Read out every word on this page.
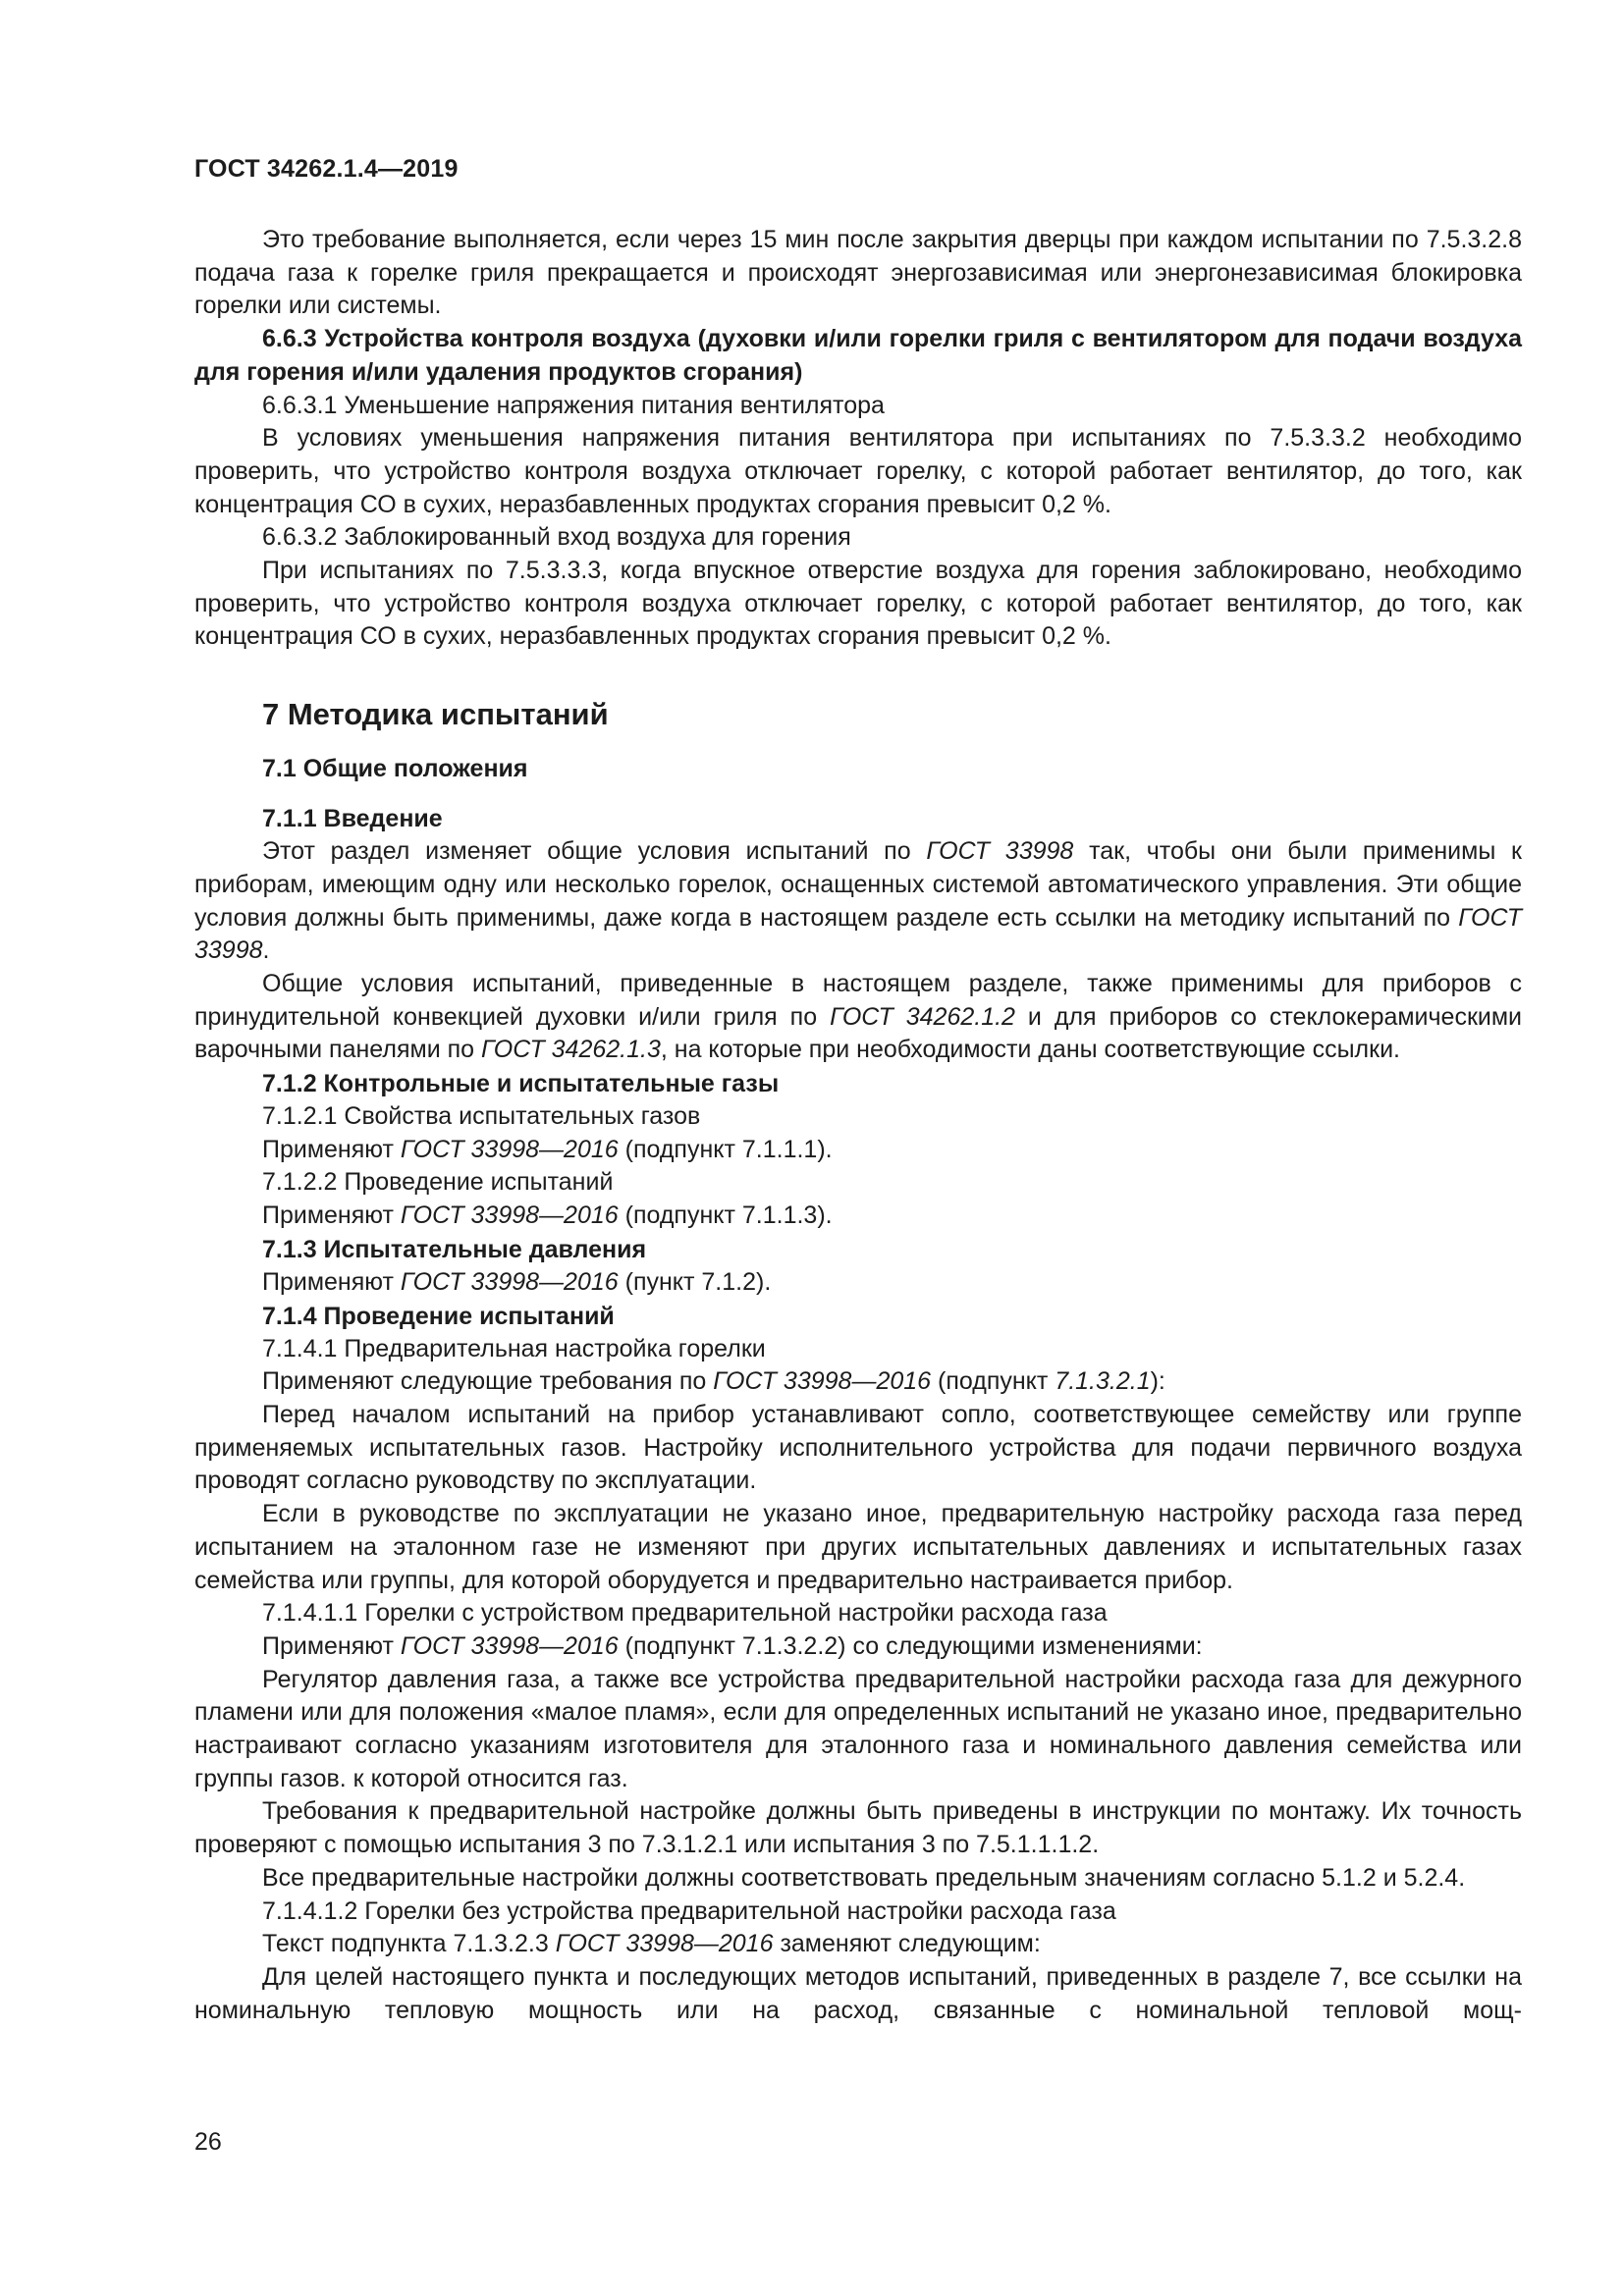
ГОСТ 34262.1.4—2019

Это требование выполняется, если через 15 мин после закрытия дверцы при каждом испытании по 7.5.3.2.8 подача газа к горелке гриля прекращается и происходят энергозависимая или энергонезависимая блокировка горелки или системы.

6.6.3 Устройства контроля воздуха (духовки и/или горелки гриля с вентилятором для подачи воздуха для горения и/или удаления продуктов сгорания)

6.6.3.1 Уменьшение напряжения питания вентилятора

В условиях уменьшения напряжения питания вентилятора при испытаниях по 7.5.3.3.2 необходимо проверить, что устройство контроля воздуха отключает горелку, с которой работает вентилятор, до того, как концентрация СО в сухих, неразбавленных продуктах сгорания превысит 0,2 %.

6.6.3.2 Заблокированный вход воздуха для горения

При испытаниях по 7.5.3.3.3, когда впускное отверстие воздуха для горения заблокировано, необходимо проверить, что устройство контроля воздуха отключает горелку, с которой работает вентилятор, до того, как концентрация СО в сухих, неразбавленных продуктах сгорания превысит 0,2 %.

7 Методика испытаний
7.1 Общие положения
7.1.1 Введение

Этот раздел изменяет общие условия испытаний по ГОСТ 33998 так, чтобы они были применимы к приборам, имеющим одну или несколько горелок, оснащенных системой автоматического управления. Эти общие условия должны быть применимы, даже когда в настоящем разделе есть ссылки на методику испытаний по ГОСТ 33998.

Общие условия испытаний, приведенные в настоящем разделе, также применимы для приборов с принудительной конвекцией духовки и/или гриля по ГОСТ 34262.1.2 и для приборов со стеклокерамическими варочными панелями по ГОСТ 34262.1.3, на которые при необходимости даны соответствующие ссылки.

7.1.2 Контрольные и испытательные газы

7.1.2.1 Свойства испытательных газов

Применяют ГОСТ 33998—2016 (подпункт 7.1.1.1).

7.1.2.2 Проведение испытаний

Применяют ГОСТ 33998—2016 (подпункт 7.1.1.3).

7.1.3 Испытательные давления

Применяют ГОСТ 33998—2016 (пункт 7.1.2).

7.1.4 Проведение испытаний

7.1.4.1 Предварительная настройка горелки

Применяют следующие требования по ГОСТ 33998—2016 (подпункт 7.1.3.2.1):

Перед началом испытаний на прибор устанавливают сопло, соответствующее семейству или группе применяемых испытательных газов. Настройку исполнительного устройства для подачи первичного воздуха проводят согласно руководству по эксплуатации.

Если в руководстве по эксплуатации не указано иное, предварительную настройку расхода газа перед испытанием на эталонном газе не изменяют при других испытательных давлениях и испытательных газах семейства или группы, для которой оборудуется и предварительно настраивается прибор.

7.1.4.1.1 Горелки с устройством предварительной настройки расхода газа

Применяют ГОСТ 33998—2016 (подпункт 7.1.3.2.2) со следующими изменениями:

Регулятор давления газа, а также все устройства предварительной настройки расхода газа для дежурного пламени или для положения «малое пламя», если для определенных испытаний не указано иное, предварительно настраивают согласно указаниям изготовителя для эталонного газа и номинального давления семейства или группы газов. к которой относится газ.

Требования к предварительной настройке должны быть приведены в инструкции по монтажу. Их точность проверяют с помощью испытания 3 по 7.3.1.2.1 или испытания 3 по 7.5.1.1.1.2.

Все предварительные настройки должны соответствовать предельным значениям согласно 5.1.2 и 5.2.4.

7.1.4.1.2 Горелки без устройства предварительной настройки расхода газа

Текст подпункта 7.1.3.2.3 ГОСТ 33998—2016 заменяют следующим:

Для целей настоящего пункта и последующих методов испытаний, приведенных в разделе 7, все ссылки на номинальную тепловую мощность или на расход, связанные с номинальной тепловой мощ-

26
